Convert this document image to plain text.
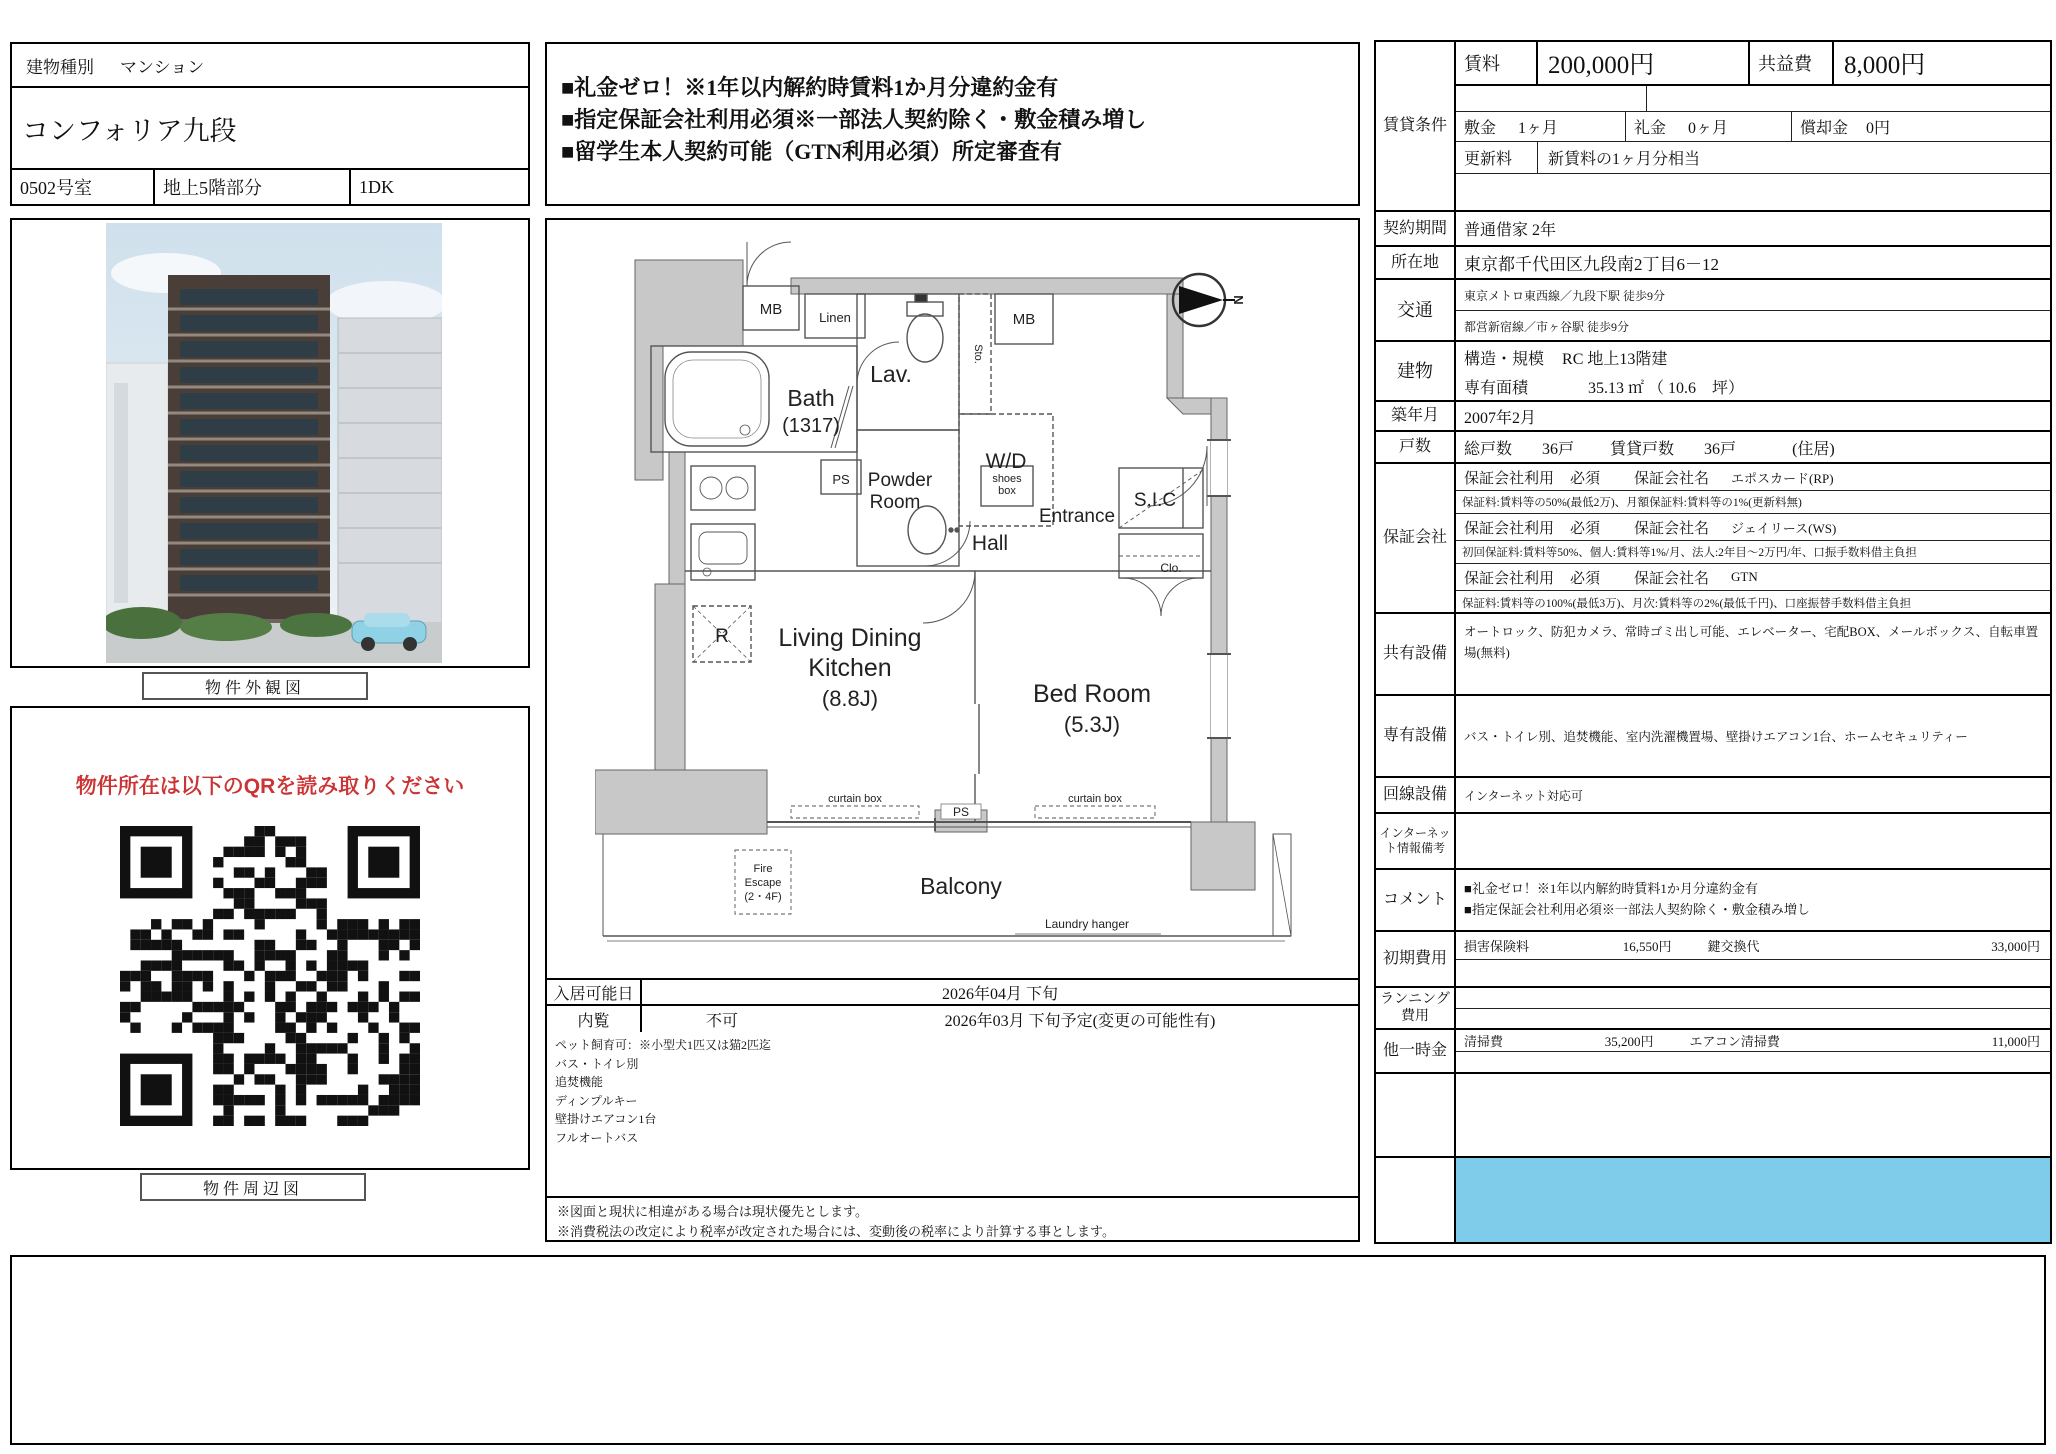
建物種別 マンション
コンフォリア九段
0502号室	地上5階部分	1DK
物件外観図
物件所在は以下のQRを読み取りください
物件周辺図
■礼金ゼロ！※1年以内解約時賃料1か月分違約金有
■指定保証会社利用必須※一部法人契約除く・敷金積み増し
■留学生本人契約可能（GTN利用必須）所定審査有
N
MB	Linen
Lav.
Sto.
MB
Bath
(1317)
Powder
Room
W/D
PS	shoes
box
Entrance
S.I.C
Hall
Clo.
R Living Dining
Kitchen
(8.8J)	Bed Room
(5.3J)
curtain box
PS
curtain box
Balcony
Fire
Escape
(2・4F)
Laundry hanger
入居可能日	2026年04月 下旬
内覧	不可	2026年03月 下旬予定(変更の可能性有)
ペット飼育可：※小型犬1匹又は猫2匹迄
バス・トイレ別
追焚機能
ディンプルキー
壁掛けエアコン1台
フルオートバス
※図面と現状に相違がある場合は現状優先とします。
※消費税法の改定により税率が改定された場合には、変動後の税率により計算する事とします。
賃貸条件
賃料	200,000円	共益費	8,000円
敷金 1ヶ月	礼金 0ヶ月	償却金 0円
更新料	新賃料の1ヶ月分相当
契約期間	普通借家 2年
所在地	東京都千代田区九段南2丁目6－12
交通
東京メトロ東西線／九段下駅 徒歩9分
都営新宿線／市ヶ谷駅 徒歩9分
建物
構造・規模 RC 地上13階建
専有面積	35.13 ㎡ （ 10.6　坪）
築年月	2007年2月
戸数	総戸数 36戸 賃貸戸数 36戸	(住居)
保証会社
保証会社利用 必須 保証会社名 エポスカード(RP)
保証料:賃料等の50%(最低2万)、月額保証料:賃料等の1%(更新料無)
保証会社利用 必須 保証会社名 ジェイリース(WS)
初回保証料:賃料等50%、個人:賃料等1%/月、法人:2年目～2万円/年、口振手数料借主負担
保証会社利用 必須 保証会社名 GTN
保証料:賃料等の100%(最低3万)、月次:賃料等の2%(最低千円)、口座振替手数料借主負担
共有設備
オートロック、防犯カメラ、常時ゴミ出し可能、エレベーター、宅配BOX、メールボックス、自転車置場(無料)
専有設備	バス・トイレ別、追焚機能、室内洗濯機置場、壁掛けエアコン1台、ホームセキュリティー
回線設備	インターネット対応可
インターネット情報備考
コメント
■礼金ゼロ！※1年以内解約時賃料1か月分違約金有
■指定保証会社利用必須※一部法人契約除く・敷金積み増し
初期費用
損害保険料	16,550円	鍵交換代	33,000円
ランニング費用
他一時金
清掃費	35,200円	エアコン清掃費	11,000円
